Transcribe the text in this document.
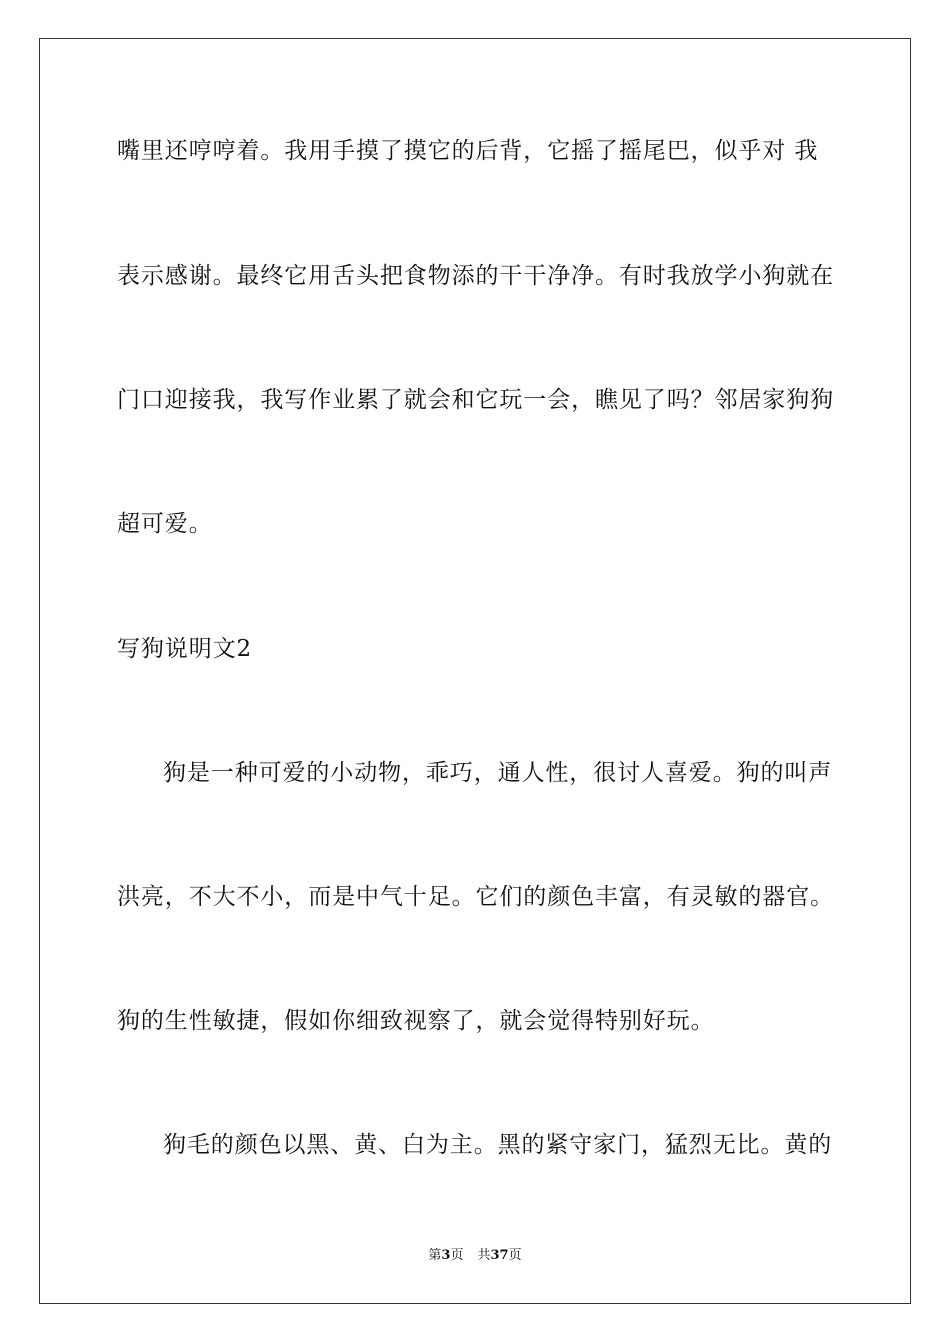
嘴里还哼哼着。我用手摸了摸它的后背，它摇了摇尾巴，似乎对 我
表示感谢。最终它用舌头把食物添的干干净净。有时我放学小狗就在
门口迎接我，我写作业累了就会和它玩一会，瞧见了吗？邻居家狗狗
超可爱。
写狗说明文2
狗是一种可爱的小动物，乖巧，通人性，很讨人喜爱。狗的叫声
洪亮，不大不小，而是中气十足。它们的颜色丰富，有灵敏的器官。
狗的生性敏捷，假如你细致视察了，就会觉得特别好玩。
狗毛的颜色以黑、黄、白为主。黑的紧守家门，猛烈无比。黄的
第3页 共37页
